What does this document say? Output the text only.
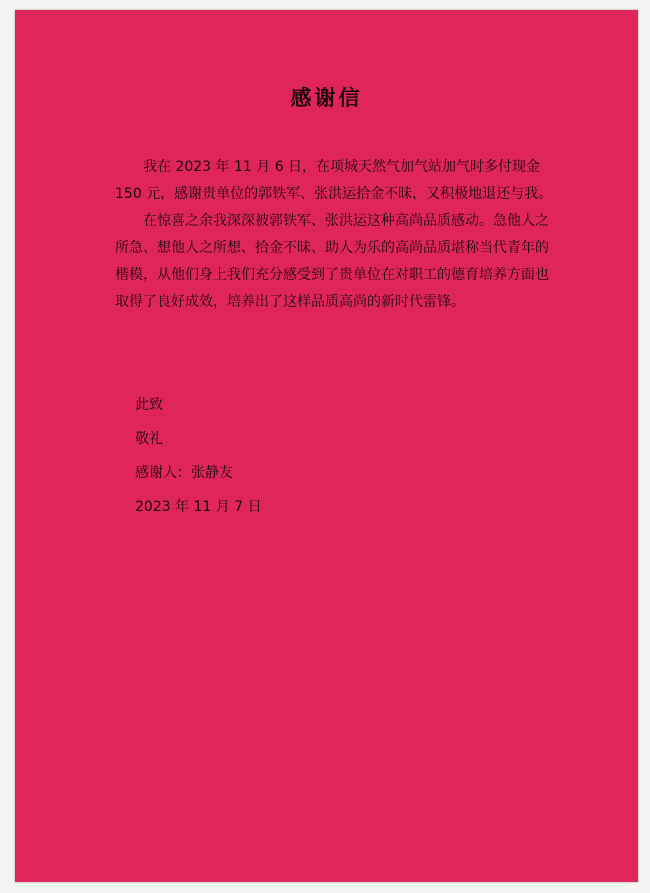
感谢信

我在 2023 年 11 月 6 日，在项城天然气加气站加气时多付现金 150 元，感谢贵单位的郭铁军、张洪运拾金不昧，又积极地退还与我。

在惊喜之余我深深被郭铁军、张洪运这种高尚品质感动。急他人之所急、想他人之所想、拾金不昧、助人为乐的高尚品质堪称当代青年的楷模，从他们身上我们充分感受到了贵单位在对职工的德育培养方面也取得了良好成效，培养出了这样品质高尚的新时代雷锋。

此致
敬礼
感谢人：张静友
2023 年 11 月 7 日
